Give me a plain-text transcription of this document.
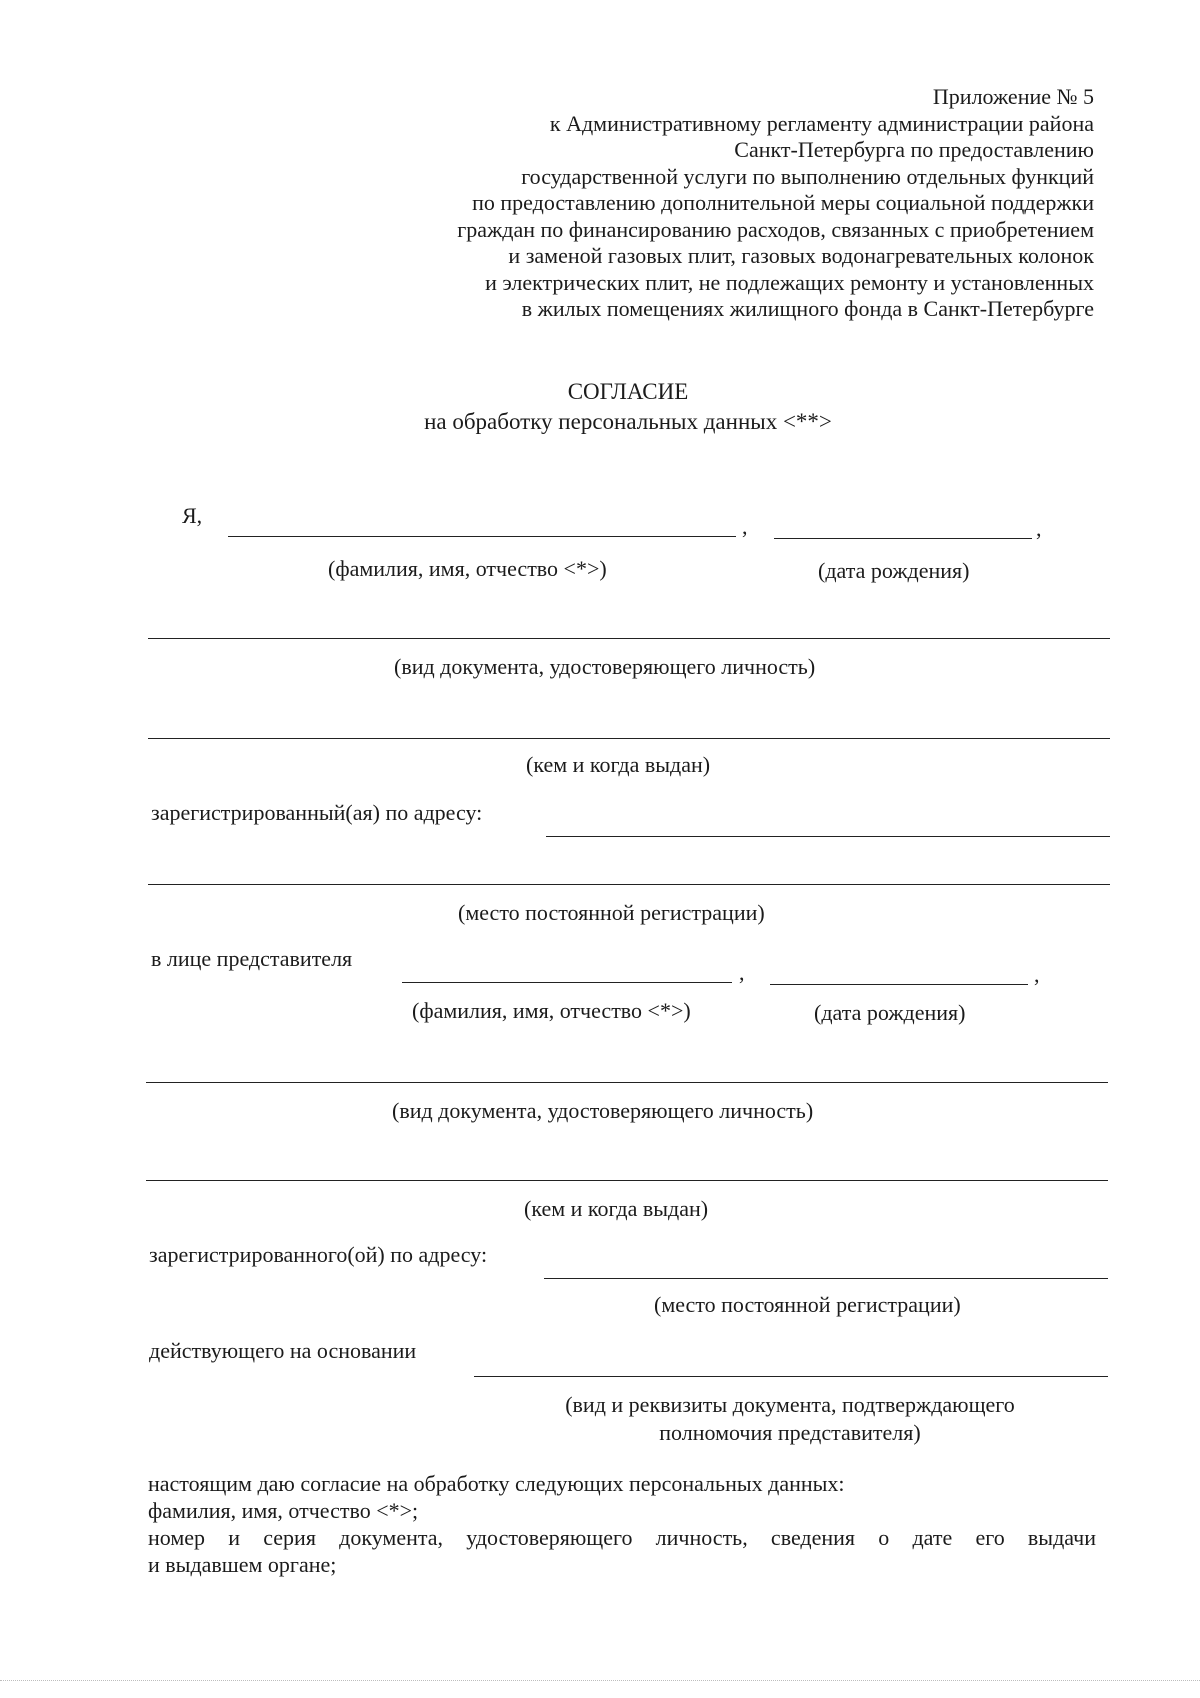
Приложение № 5
к Административному регламенту администрации района
Санкт-Петербурга по предоставлению
государственной услуги по выполнению отдельных функций
по предоставлению дополнительной меры социальной поддержки
граждан по финансированию расходов, связанных с приобретением
и заменой газовых плит, газовых водонагревательных колонок
и электрических плит, не подлежащих ремонту и установленных
в жилых помещениях жилищного фонда в Санкт-Петербурге
СОГЛАСИЕ
на обработку персональных данных <**>
Я,	,	,
(фамилия, имя, отчество <*>)	(дата рождения)
(вид документа, удостоверяющего личность)
(кем и когда выдан)
зарегистрированный(ая) по адресу:
(место постоянной регистрации)
в лице представителя
,	,
(фамилия, имя, отчество <*>)	(дата рождения)
(вид документа, удостоверяющего личность)
(кем и когда выдан)
зарегистрированного(ой) по адресу:
(место постоянной регистрации)
действующего на основании
(вид и реквизиты документа, подтверждающего
полномочия представителя)
настоящим даю согласие на обработку следующих персональных данных:
фамилия, имя, отчество <*>;
номер и серия документа, удостоверяющего личность, сведения о дате его выдачи
и выдавшем органе;
